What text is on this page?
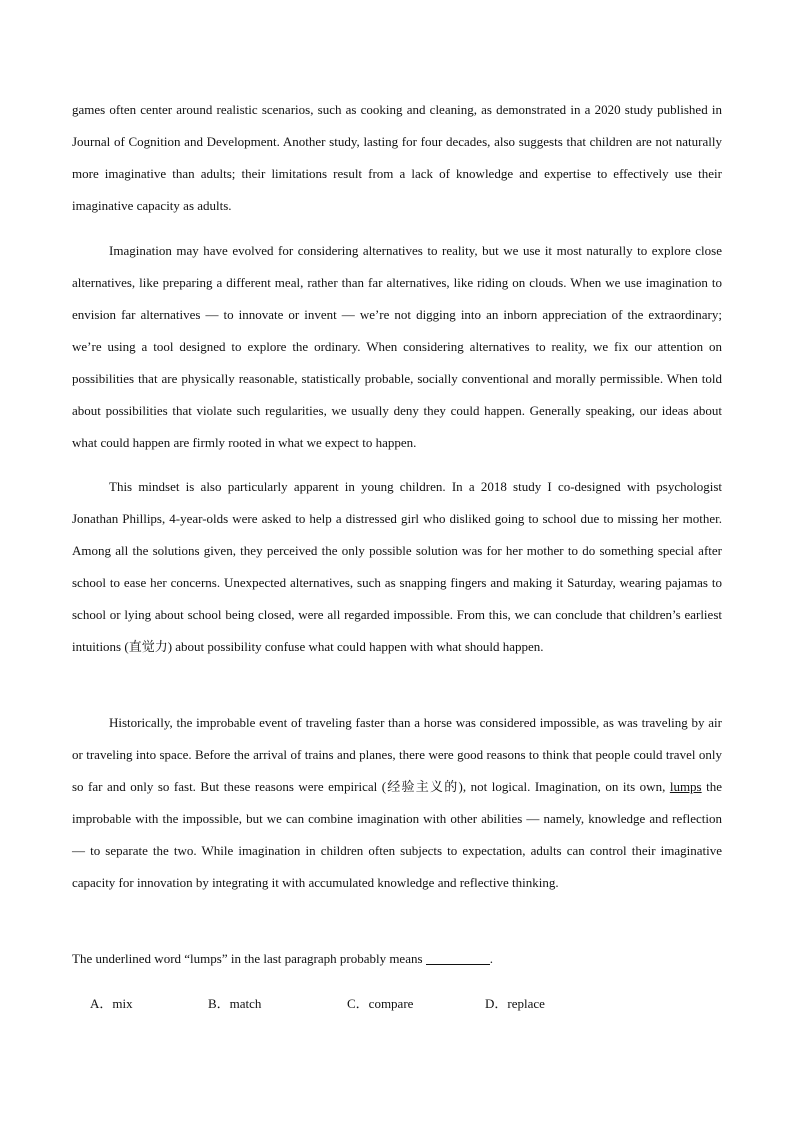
games often center around realistic scenarios, such as cooking and cleaning, as demonstrated in a 2020 study published in Journal of Cognition and Development. Another study, lasting for four decades, also suggests that children are not naturally more imaginative than adults; their limitations result from a lack of knowledge and expertise to effectively use their imaginative capacity as adults.

Imagination may have evolved for considering alternatives to reality, but we use it most naturally to explore close alternatives, like preparing a different meal, rather than far alternatives, like riding on clouds. When we use imagination to envision far alternatives — to innovate or invent — we’re not digging into an inborn appreciation of the extraordinary; we’re using a tool designed to explore the ordinary. When considering alternatives to reality, we fix our attention on possibilities that are physically reasonable, statistically probable, socially conventional and morally permissible. When told about possibilities that violate such regularities, we usually deny they could happen. Generally speaking, our ideas about what could happen are firmly rooted in what we expect to happen.

This mindset is also particularly apparent in young children. In a 2018 study I co-designed with psychologist Jonathan Phillips, 4-year-olds were asked to help a distressed girl who disliked going to school due to missing her mother. Among all the solutions given, they perceived the only possible solution was for her mother to do something special after school to ease her concerns. Unexpected alternatives, such as snapping fingers and making it Saturday, wearing pajamas to school or lying about school being closed, were all regarded impossible. From this, we can conclude that children’s earliest intuitions (直觉力) about possibility confuse what could happen with what should happen.

Historically, the improbable event of traveling faster than a horse was considered impossible, as was traveling by air or traveling into space. Before the arrival of trains and planes, there were good reasons to think that people could travel only so far and only so fast. But these reasons were empirical (经验主义的), not logical. Imagination, on its own, lumps the improbable with the impossible, but we can combine imagination with other abilities — namely, knowledge and reflection — to separate the two. While imagination in children often subjects to expectation, adults can control their imaginative capacity for innovation by integrating it with accumulated knowledge and reflective thinking.

The underlined word “lumps” in the last paragraph probably means	.
A．mix	B．match	C．compare	D．replace
